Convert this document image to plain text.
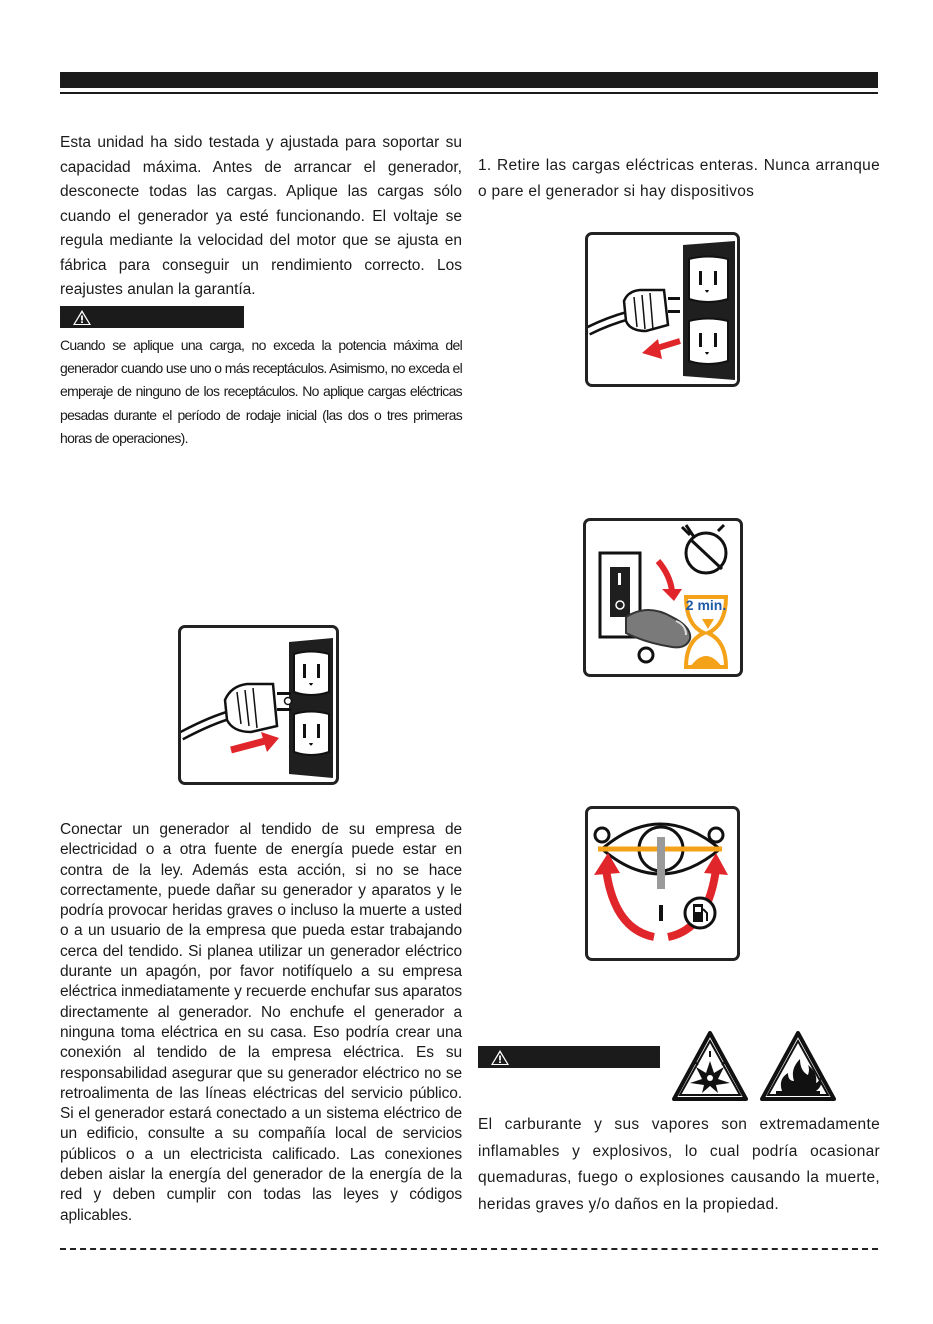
Esta unidad ha sido testada y ajustada para soportar su capacidad máxima. Antes de arrancar el generador, desconecte todas las cargas. Aplique las cargas sólo cuando el generador ya esté funcionando. El voltaje se regula mediante la velocidad del motor que se ajusta en fábrica para conseguir un rendimiento correcto. Los reajustes anulan la garantía.

Cuando se aplique una carga, no exceda la potencia máxima del generador cuando use uno o más receptáculos. Asimismo, no exceda el emperaje de ninguno de los receptáculos. No aplique cargas eléctricas pesadas durante el período de rodaje inicial (las dos o tres primeras horas de operaciones).

Conectar un generador al tendido de su empresa de electricidad o a otra fuente de energía puede estar en contra de la ley. Además esta acción, si no se hace correctamente, puede dañar su generador y aparatos y le podría provocar heridas graves o incluso la muerte a usted o a un usuario de la empresa que pueda estar trabajando cerca del tendido. Si planea utilizar un generador eléctrico durante un apagón, por favor notifíquelo a su empresa eléctrica inmediatamente y recuerde enchufar sus aparatos directamente al generador. No enchufe el generador a ninguna toma eléctrica en su casa. Eso podría crear una conexión al tendido de la empresa eléctrica. Es su responsabilidad asegurar que su generador eléctrico no se retroalimenta de las líneas eléctricas del servicio público. Si el generador estará conectado a un sistema eléctrico de un edificio, consulte a su compañía local de servicios públicos o a un electricista calificado. Las conexiones deben aislar la energía del generador de la energía de la red y deben cumplir con todas las leyes y códigos aplicables.

1. Retire las cargas eléctricas enteras. Nunca arranque o pare el generador si hay dispositivos

2 min.

El carburante y sus vapores son extremadamente inflamables y explosivos, lo cual podría ocasionar quemaduras, fuego o explosiones causando la muerte, heridas graves y/o daños en la propiedad.
